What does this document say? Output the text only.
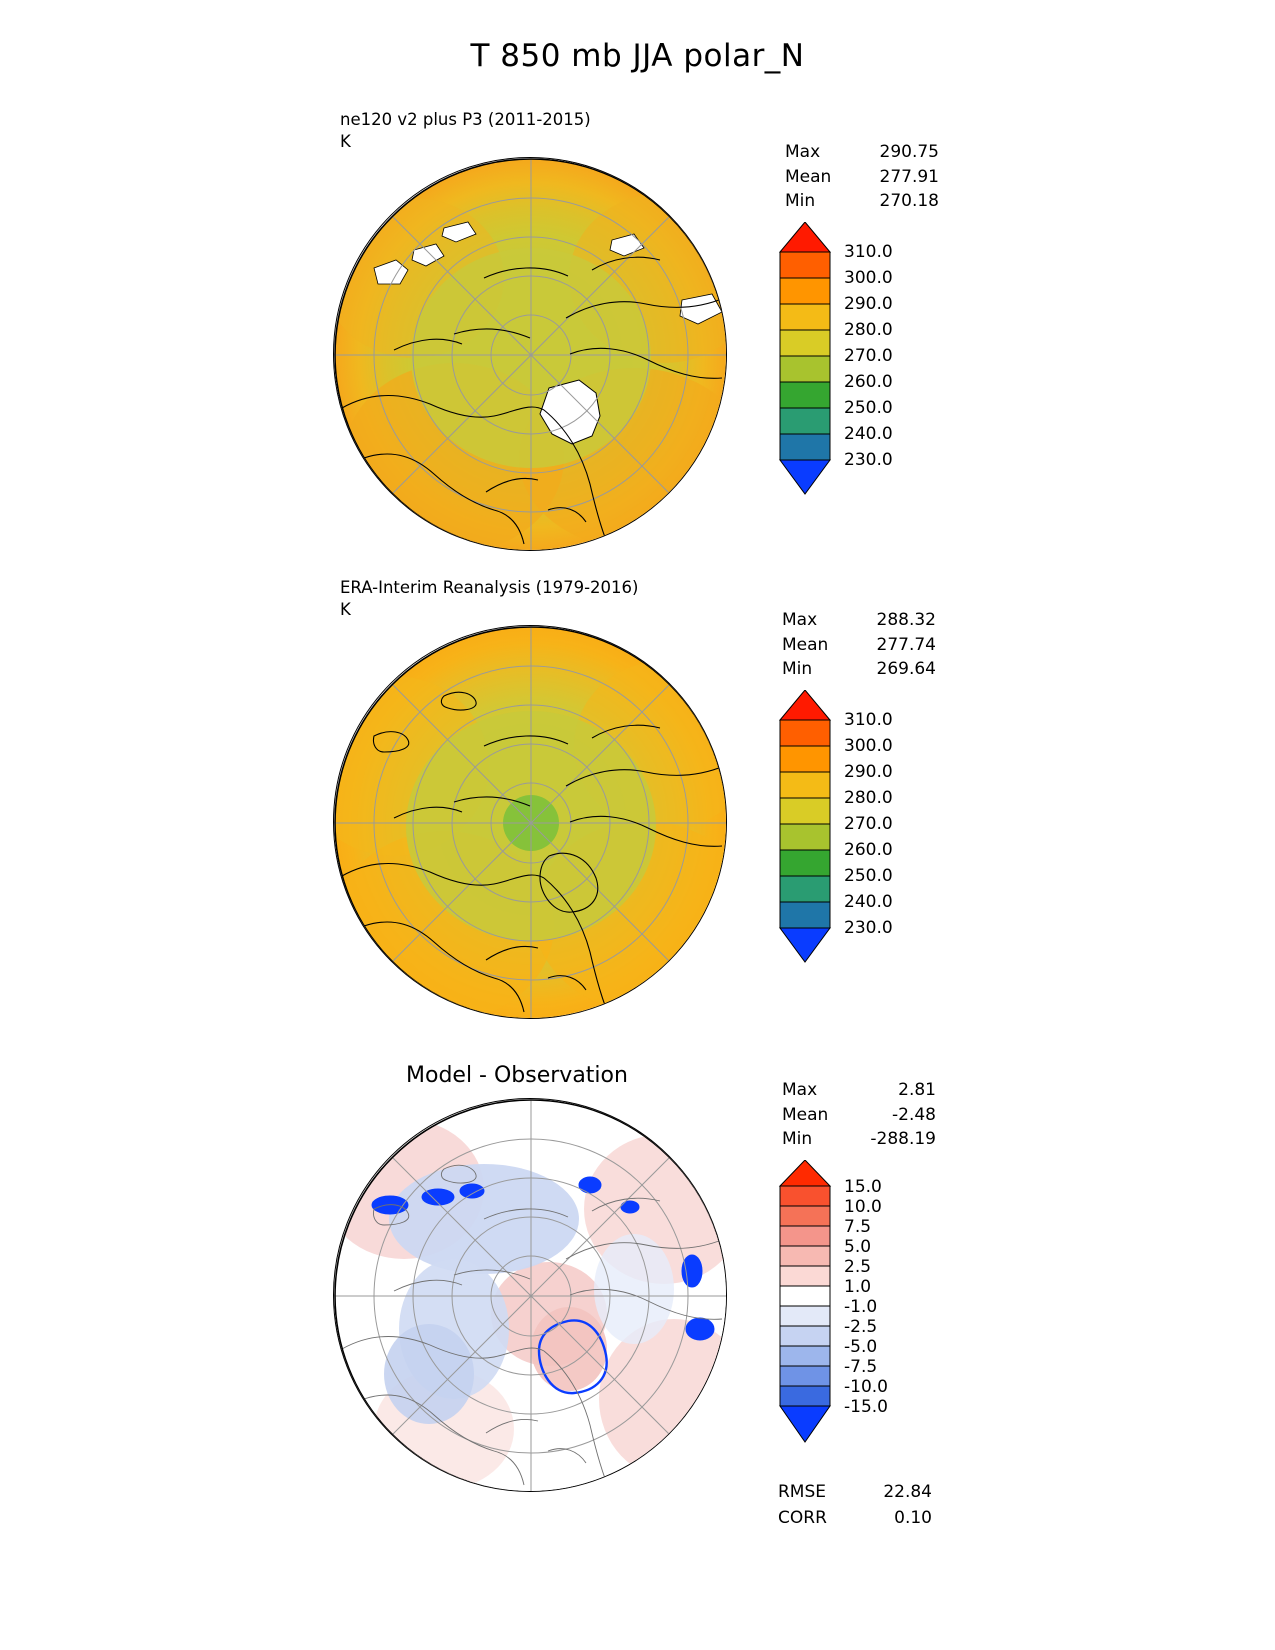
T 850 mb JJA polar_N
ne120 v2 plus P3 (2011-2015)
K
Max	290.75
Mean	277.91
Min	270.18
310.0
300.0
290.0
280.0
270.0
260.0
250.0
240.0
230.0
ERA-Interim Reanalysis (1979-2016)
K
Max	288.32
Mean	277.74
Min	269.64
310.0
300.0
290.0
280.0
270.0
260.0
250.0
240.0
230.0
Model - Observation
Max	2.81
Mean	-2.48
Min	-288.19
15.0
10.0
7.5
5.0
2.5
1.0
-1.0
-2.5
-5.0
-7.5
-10.0
-15.0
RMSE	22.84
CORR	0.10
